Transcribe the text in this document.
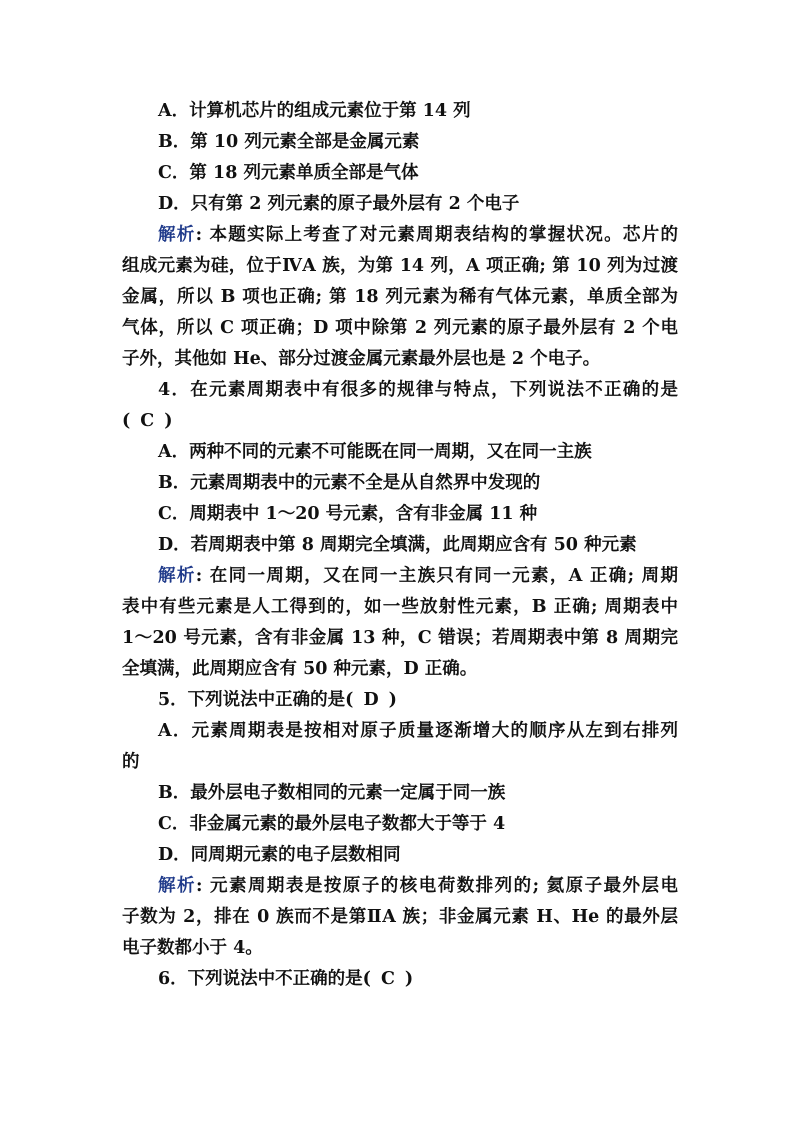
A．计算机芯片的组成元素位于第 14 列
B．第 10 列元素全部是金属元素
C．第 18 列元素单质全部是气体
D．只有第 2 列元素的原子最外层有 2 个电子
解析: 本题实际上考查了对元素周期表结构的掌握状况。芯片的
组成元素为硅，位于ⅣA 族，为第 14 列，A 项正确; 第 10 列为过渡
金属，所以 B 项也正确; 第 18 列元素为稀有气体元素，单质全部为
气体，所以 C 项正确；D 项中除第 2 列元素的原子最外层有 2 个电
子外，其他如 He、部分过渡金属元素最外层也是 2 个电子。
4．在元素周期表中有很多的规律与特点，下列说法不正确的是
( C )
A．两种不同的元素不可能既在同一周期，又在同一主族
B．元素周期表中的元素不全是从自然界中发现的
C．周期表中 1～20 号元素，含有非金属 11 种
D．若周期表中第 8 周期完全填满，此周期应含有 50 种元素
解析: 在同一周期，又在同一主族只有同一元素，A 正确; 周期
表中有些元素是人工得到的，如一些放射性元素，B 正确; 周期表中
1～20 号元素，含有非金属 13 种，C 错误；若周期表中第 8 周期完
全填满，此周期应含有 50 种元素，D 正确。
5．下列说法中正确的是( D )
A．元素周期表是按相对原子质量逐渐增大的顺序从左到右排列
的
B．最外层电子数相同的元素一定属于同一族
C．非金属元素的最外层电子数都大于等于 4
D．同周期元素的电子层数相同
解析: 元素周期表是按原子的核电荷数排列的; 氦原子最外层电
子数为 2，排在 0 族而不是第ⅡA 族；非金属元素 H、He 的最外层
电子数都小于 4。
6．下列说法中不正确的是( C )
